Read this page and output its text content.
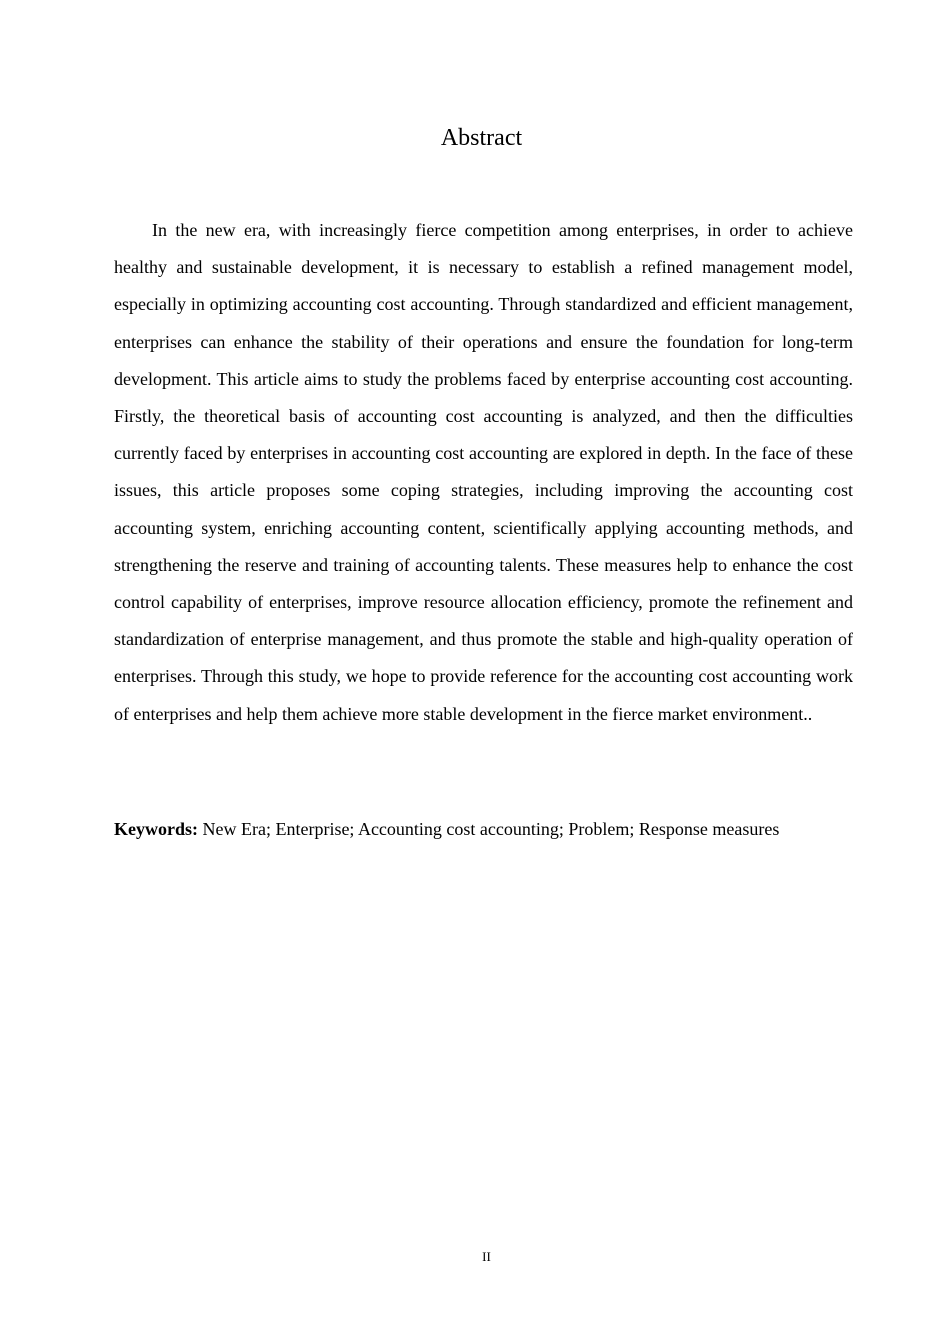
Abstract

In the new era, with increasingly fierce competition among enterprises, in order to achieve healthy and sustainable development, it is necessary to establish a refined management model, especially in optimizing accounting cost accounting. Through standardized and efficient management, enterprises can enhance the stability of their operations and ensure the foundation for long-term development. This article aims to study the problems faced by enterprise accounting cost accounting. Firstly, the theoretical basis of accounting cost accounting is analyzed, and then the difficulties currently faced by enterprises in accounting cost accounting are explored in depth. In the face of these issues, this article proposes some coping strategies, including improving the accounting cost accounting system, enriching accounting content, scientifically applying accounting methods, and strengthening the reserve and training of accounting talents. These measures help to enhance the cost control capability of enterprises, improve resource allocation efficiency, promote the refinement and standardization of enterprise management, and thus promote the stable and high-quality operation of enterprises. Through this study, we hope to provide reference for the accounting cost accounting work of enterprises and help them achieve more stable development in the fierce market environment..

Keywords: New Era; Enterprise; Accounting cost accounting; Problem; Response measures

II
